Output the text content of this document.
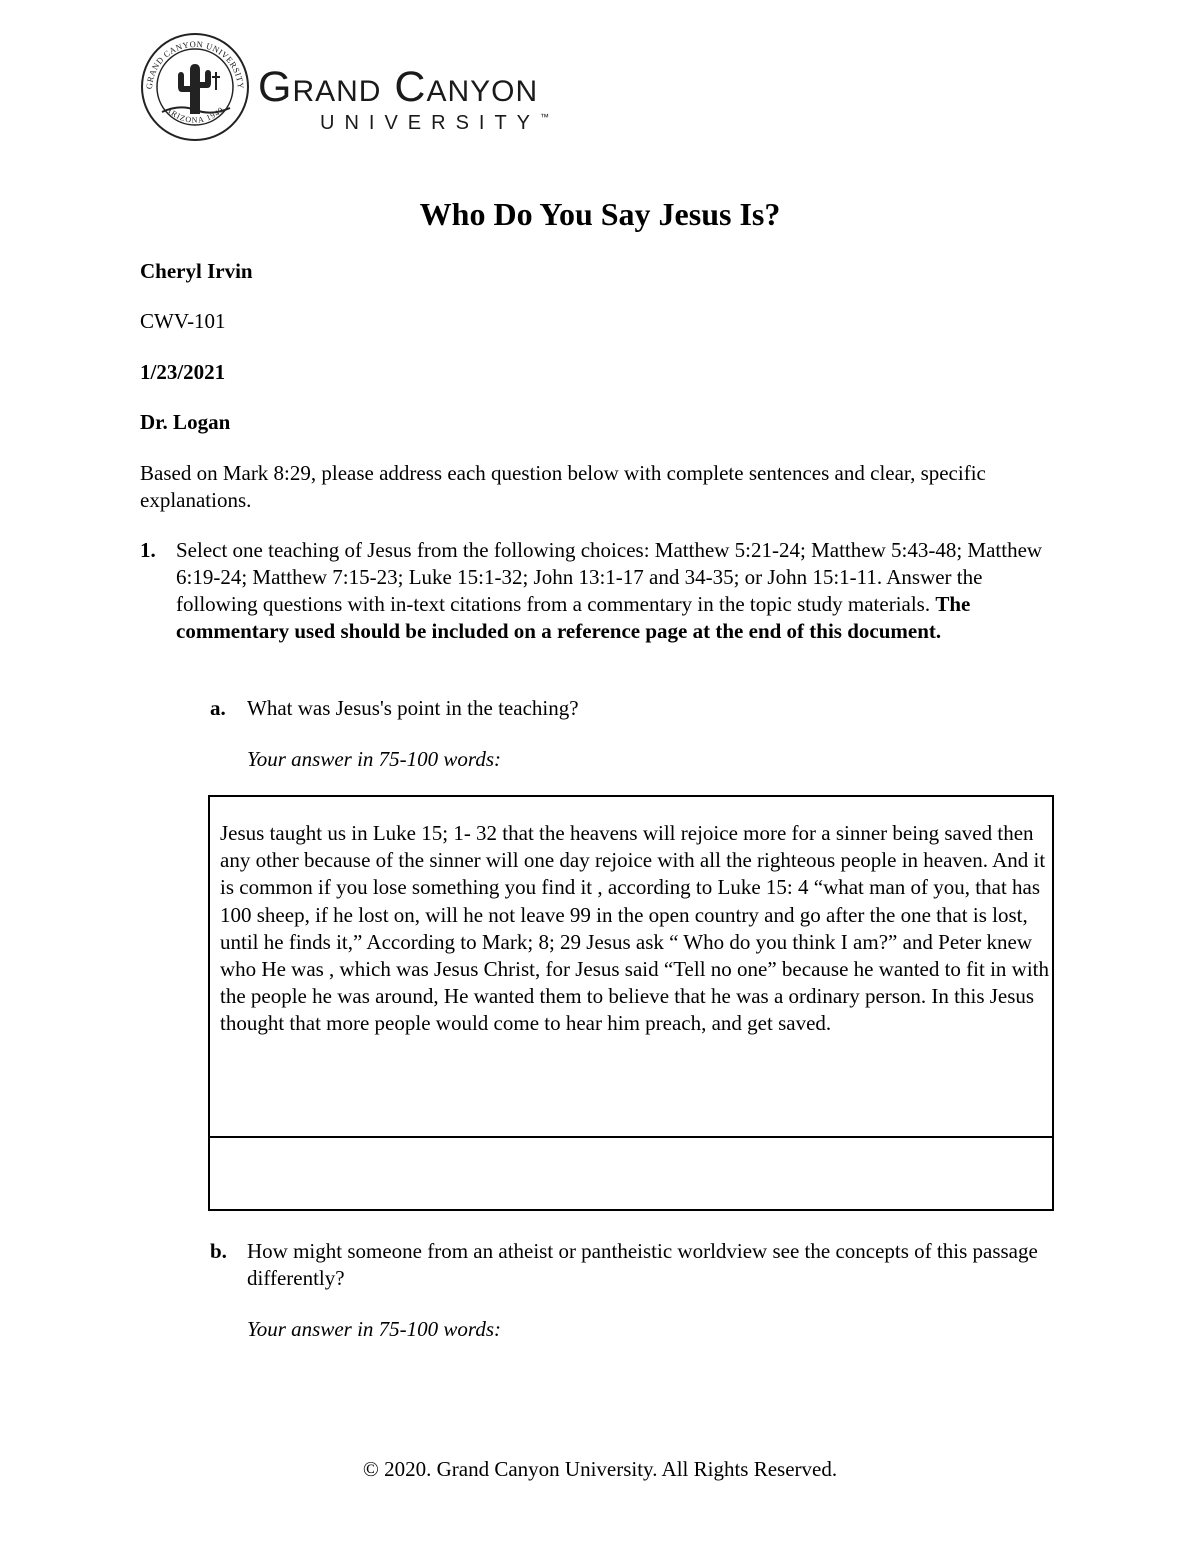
GRAND CANYON UNIVERSITY
ARIZONA 1949 Grand Canyon
UNIVERSITY™
Who Do You Say Jesus Is?
Cheryl Irvin
CWV-101
1/23/2021
Dr. Logan
Based on Mark 8:29, please address each question below with complete sentences and clear, specific explanations.
1. Select one teaching of Jesus from the following choices: Matthew 5:21-24; Matthew 5:43-48; Matthew 6:19-24; Matthew 7:15-23; Luke 15:1-32; John 13:1-17 and 34-35; or John 15:1-11. Answer the following questions with in-text citations from a commentary in the topic study materials. The commentary used should be included on a reference page at the end of this document.
a. What was Jesus's point in the teaching?
Your answer in 75-100 words:
Jesus taught us in Luke 15; 1- 32 that the heavens will rejoice more for a sinner being saved then any other because of the sinner will one day rejoice with all the righteous people in heaven. And it is common if you lose something you find it , according to Luke 15: 4 “what man of you, that has 100 sheep, if he lost on, will he not leave 99 in the open country and go after the one that is lost, until he finds it,” According to Mark; 8; 29 Jesus ask “ Who do you think I am?” and Peter knew who He was , which was Jesus Christ, for Jesus said “Tell no one” because he wanted to fit in with the people he was around, He wanted them to believe that he was a ordinary person. In this Jesus thought that more people would come to hear him preach, and get saved.
b. How might someone from an atheist or pantheistic worldview see the concepts of this passage differently?
Your answer in 75-100 words:
© 2020. Grand Canyon University. All Rights Reserved.
